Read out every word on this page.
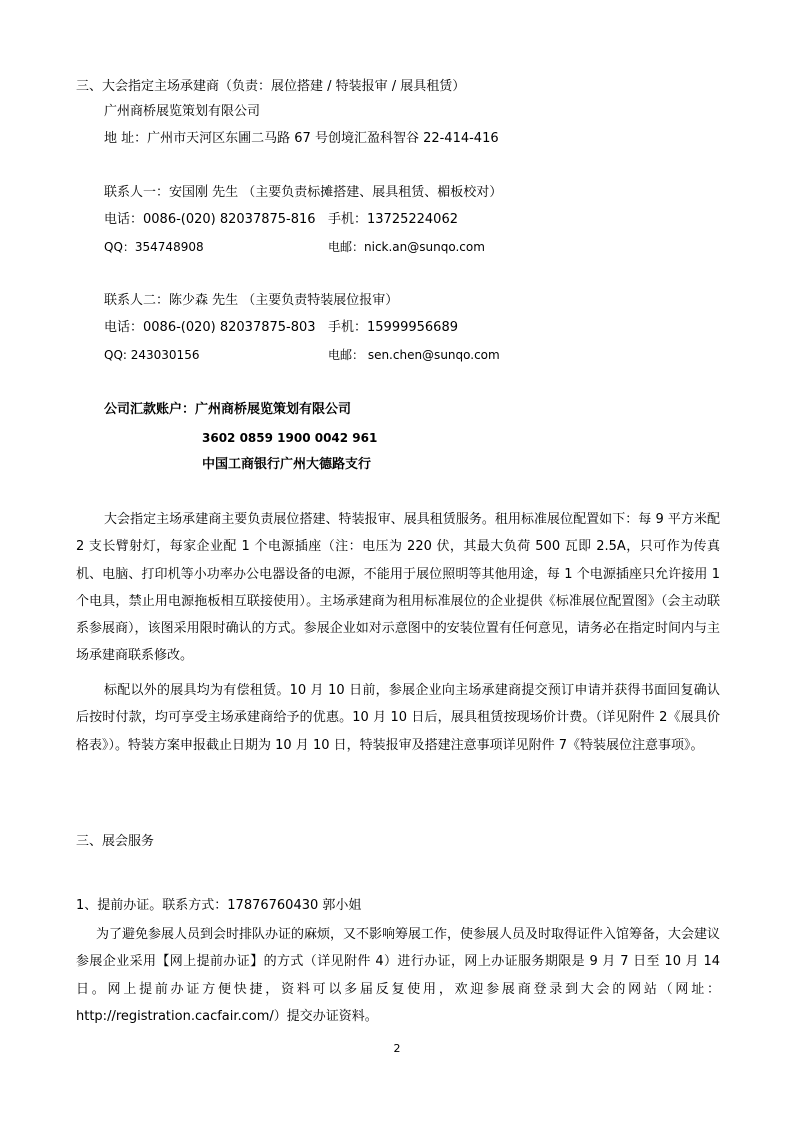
三、大会指定主场承建商（负责：展位搭建 / 特装报审 / 展具租赁）
广州商桥展览策划有限公司
地 址：广州市天河区东圃二马路 67 号创境汇盈科智谷 22-414-416
联系人一：安国刚 先生 （主要负责标摊搭建、展具租赁、楣板校对）
电话：0086-(020) 82037875-816 手机：13725224062
QQ：354748908	电邮：nick.an@sunqo.com
联系人二：陈少森 先生 （主要负责特装展位报审）
电话：0086-(020) 82037875-803 手机：15999956689
QQ: 243030156	电邮： sen.chen@sunqo.com
公司汇款账户：广州商桥展览策划有限公司
3602 0859 1900 0042 961
中国工商银行广州大德路支行

大会指定主场承建商主要负责展位搭建、特装报审、展具租赁服务。租用标准展位配置如下：每 9 平方米配 2 支长臂射灯，每家企业配 1 个电源插座（注：电压为 220 伏，其最大负荷 500 瓦即 2.5A，只可作为传真机、电脑、打印机等小功率办公电器设备的电源，不能用于展位照明等其他用途，每 1 个电源插座只允许接用 1 个电具，禁止用电源拖板相互联接使用）。主场承建商为租用标准展位的企业提供《标准展位配置图》（会主动联系参展商），该图采用限时确认的方式。参展企业如对示意图中的安装位置有任何意见，请务必在指定时间内与主场承建商联系修改。

标配以外的展具均为有偿租赁。10 月 10 日前，参展企业向主场承建商提交预订申请并获得书面回复确认后按时付款，均可享受主场承建商给予的优惠。10 月 10 日后，展具租赁按现场价计费。（详见附件 2《展具价格表》）。特装方案申报截止日期为 10 月 10 日，特装报审及搭建注意事项详见附件 7《特装展位注意事项》。

三、展会服务
1、提前办证。联系方式：17876760430 郭小姐

为了避免参展人员到会时排队办证的麻烦，又不影响筹展工作，使参展人员及时取得证件入馆筹备，大会建议参展企业采用【网上提前办证】的方式（详见附件 4）进行办证，网上办证服务期限是 9 月 7 日至 10 月 14 日。网上提前办证方便快捷，资料可以多届反复使用，欢迎参展商登录到大会的网站（网址：http://registration.cacfair.com/）提交办证资料。

2
